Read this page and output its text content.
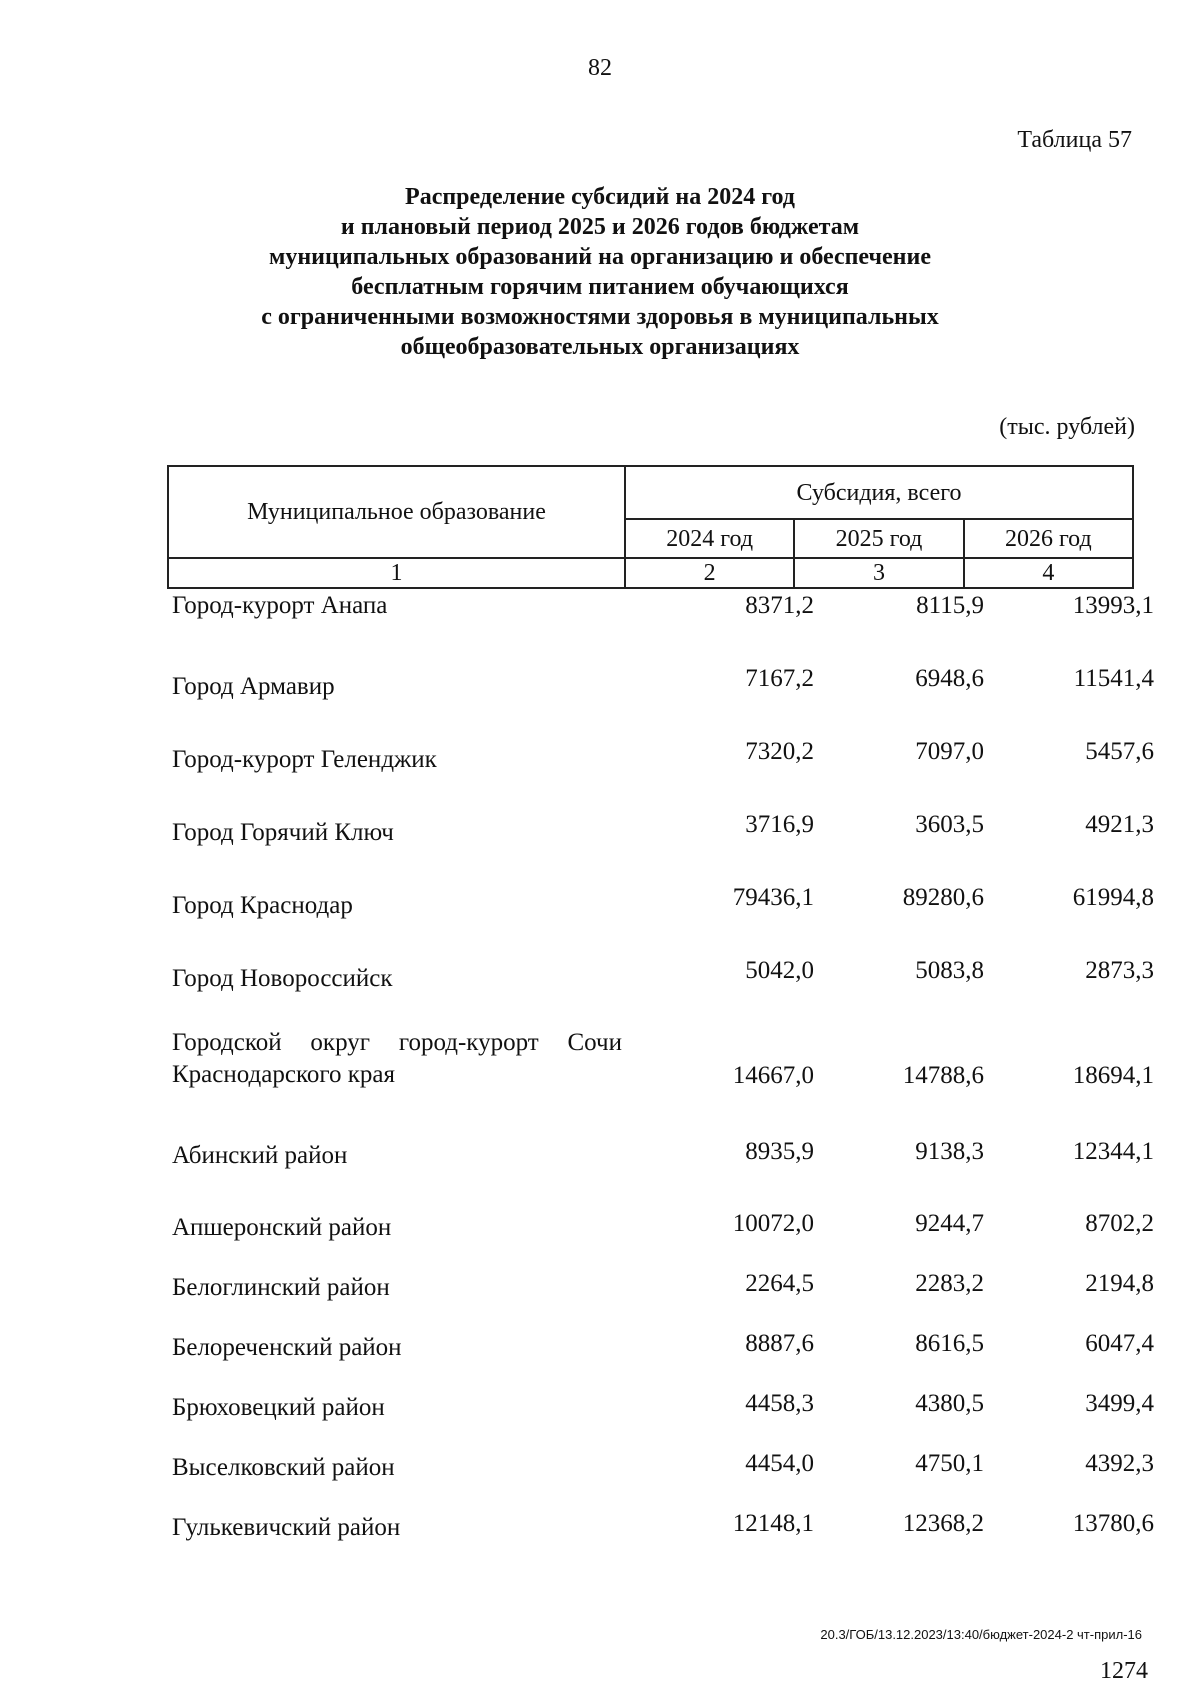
82
Таблица 57
Распределение субсидий на 2024 год
и плановый период 2025 и 2026 годов бюджетам
муниципальных образований на организацию и обеспечение
бесплатным горячим питанием обучающихся
с ограниченными возможностями здоровья в муниципальных
общеобразовательных организациях
(тыс. рублей)
Муниципальное образование	Субсидия, всего		
	2024 год	2025 год	2026 год
1	2	3	4
Город-курорт Анапа	8371,2	8115,9	13993,1
Город Армавир	7167,2	6948,6	11541,4
Город-курорт Геленджик	7320,2	7097,0	5457,6
Город Горячий Ключ	3716,9	3603,5	4921,3
Город Краснодар	79436,1	89280,6	61994,8
Город Новороссийск	5042,0	5083,8	2873,3
Городской округ город-курорт Сочи Краснодарского края	14667,0	14788,6	18694,1
Абинский район	8935,9	9138,3	12344,1
Апшеронский район	10072,0	9244,7	8702,2
Белоглинский район	2264,5	2283,2	2194,8
Белореченский район	8887,6	8616,5	6047,4
Брюховецкий район	4458,3	4380,5	3499,4
Выселковский район	4454,0	4750,1	4392,3
Гулькевичский район	12148,1	12368,2	13780,6
20.3/ГОБ/13.12.2023/13:40/бюджет-2024-2 чт-прил-16
1274
